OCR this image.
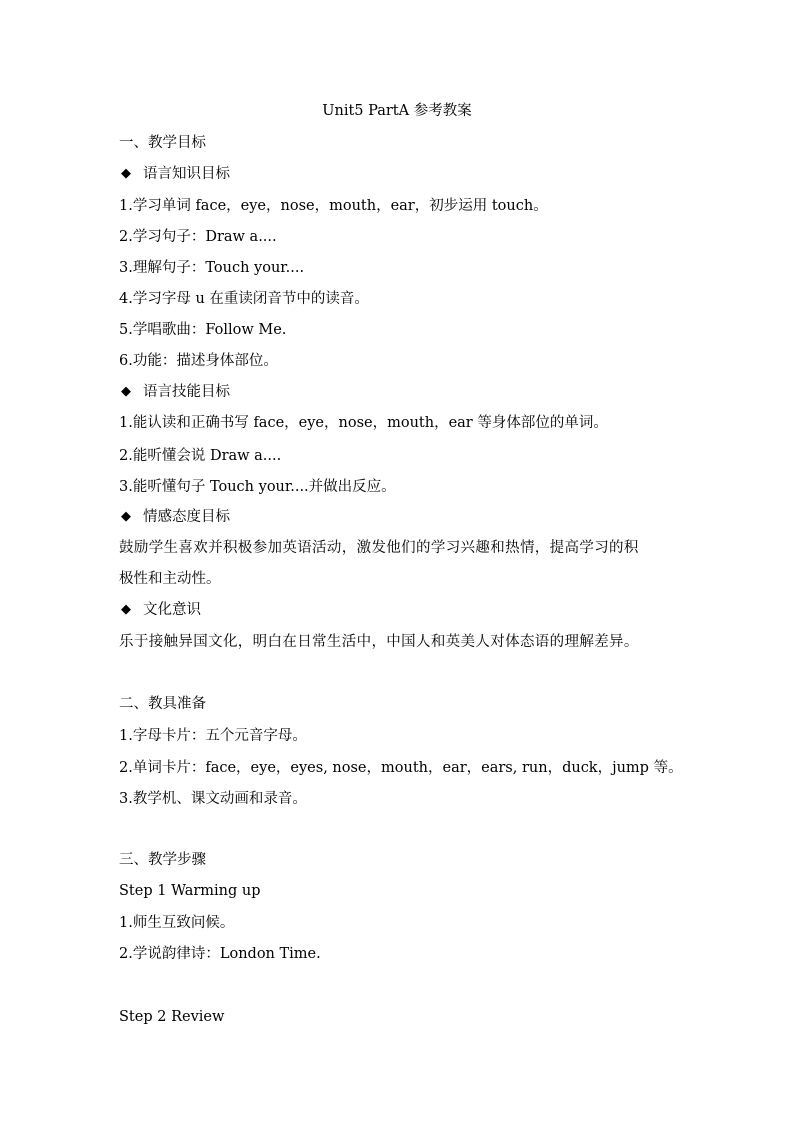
Unit5 PartA 参考教案
一、教学目标
◆ 语言知识目标
1.学习单词 face，eye，nose，mouth，ear，初步运用 touch。
2.学习句子：Draw a....
3.理解句子：Touch your....
4.学习字母 u 在重读闭音节中的读音。
5.学唱歌曲：Follow Me.
6.功能：描述身体部位。
◆ 语言技能目标
1.能认读和正确书写 face，eye，nose，mouth，ear 等身体部位的单词。
2.能听懂会说 Draw a....
3.能听懂句子 Touch your....并做出反应。
◆ 情感态度目标
鼓励学生喜欢并积极参加英语活动，激发他们的学习兴趣和热情，提高学习的积
极性和主动性。
◆ 文化意识
乐于接触异国文化，明白在日常生活中，中国人和英美人对体态语的理解差异。
二、教具准备
1.字母卡片：五个元音字母。
2.单词卡片：face，eye，eyes, nose，mouth，ear，ears, run，duck，jump 等。
3.教学机、课文动画和录音。
三、教学步骤
Step 1 Warming up
1.师生互致问候。
2.学说韵律诗：London Time.
Step 2 Review
